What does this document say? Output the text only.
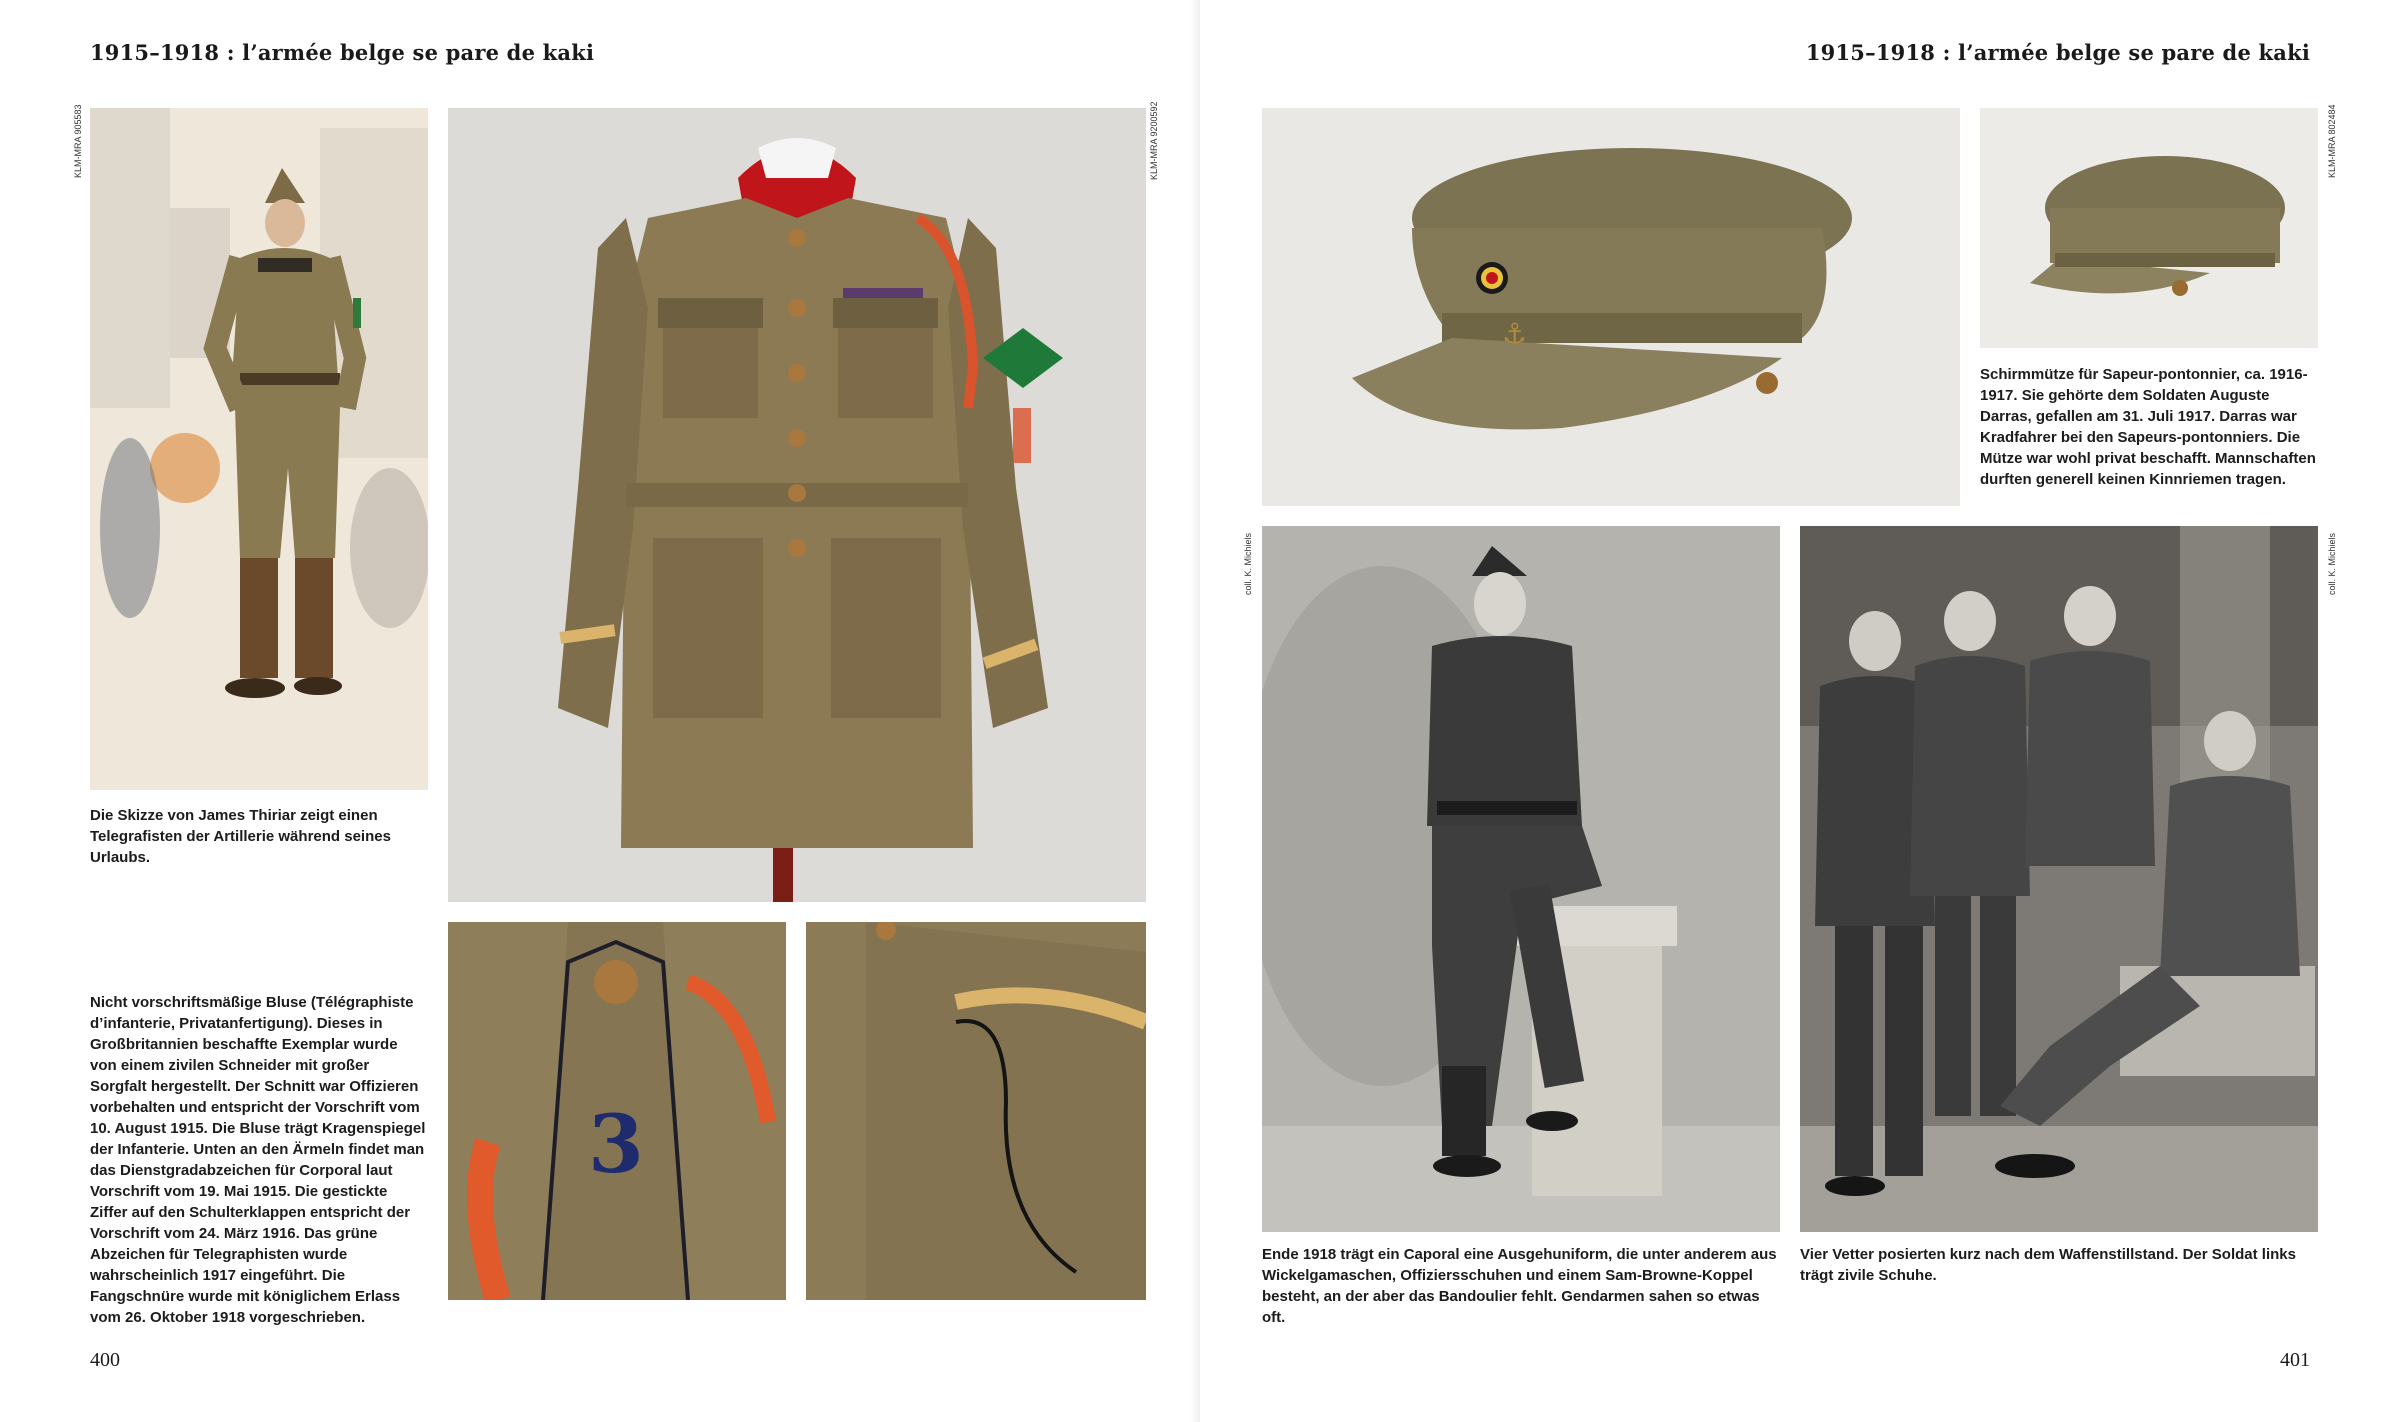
1915–1918 : l’armée belge se pare de kaki
KLM-MRA 905583
Die Skizze von James Thiriar zeigt einen Telegrafisten der Artillerie während seines Urlaubs.
KLM-MRA 9200592
3
Nicht vorschriftsmäßige Bluse (Télégraphiste d’infanterie, Privatanfertigung). Dieses in Großbritannien beschaffte Exemplar wurde von einem zivilen Schneider mit großer Sorgfalt hergestellt. Der Schnitt war Offizieren vorbehalten und entspricht der Vorschrift vom 10. August 1915. Die Bluse trägt Kragenspiegel der Infanterie. Unten an den Ärmeln findet man das Dienstgradabzeichen für Corporal laut Vorschrift vom 19. Mai 1915. Die gestickte Ziffer auf den Schulterklappen entspricht der Vorschrift vom 24. März 1916. Das grüne Abzeichen für Telegraphisten wurde wahrscheinlich 1917 eingeführt. Die Fangschnüre wurde mit königlichem Erlass vom 26. Oktober 1918 vorgeschrieben.
400
1915–1918 : l’armée belge se pare de kaki
⚓
KLM-MRA 802484
Schirmmütze für Sapeur-pontonnier, ca. 1916-1917. Sie gehörte dem Soldaten Auguste Darras, gefallen am 31. Juli 1917. Darras war Kradfahrer bei den Sapeurs-pontonniers. Die Mütze war wohl privat beschafft. Mannschaften durften generell keinen Kinnriemen tragen.
coll. K. Michiels
Ende 1918 trägt ein Caporal eine Ausgehuniform, die unter anderem aus Wickelgamaschen, Offiziersschuhen und einem Sam-Browne-Koppel besteht, an der aber das Bandoulier fehlt. Gendarmen sahen so etwas oft.
coll. K. Michiels
Vier Vetter posierten kurz nach dem Waffenstillstand. Der Soldat links trägt zivile Schuhe.
401
